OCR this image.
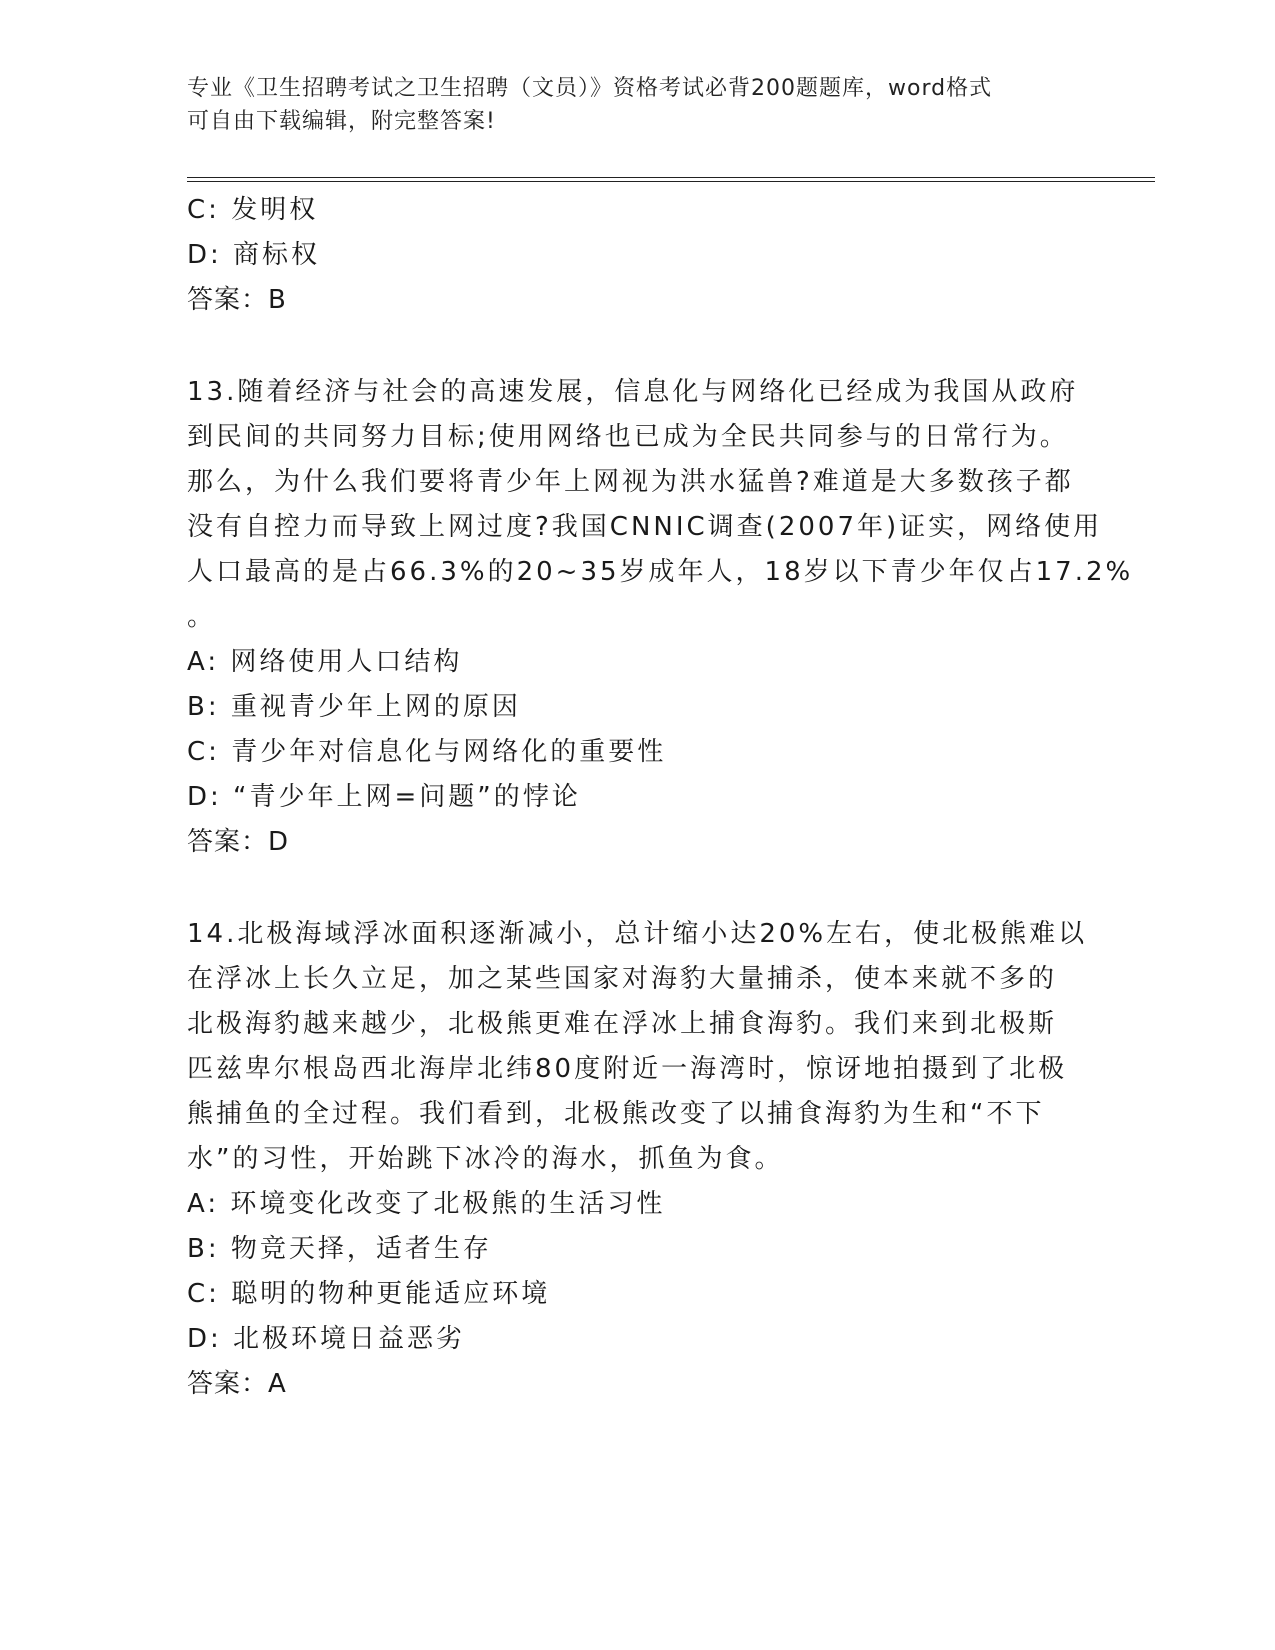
专业《卫生招聘考试之卫生招聘（文员）》资格考试必背200题题库，word格式
可自由下载编辑，附完整答案!
C: 发明权
D: 商标权
答案：B
13.随着经济与社会的高速发展，信息化与网络化已经成为我国从政府
到民间的共同努力目标;使用网络也已成为全民共同参与的日常行为。
那么，为什么我们要将青少年上网视为洪水猛兽?难道是大多数孩子都
没有自控力而导致上网过度?我国CNNIC调查(2007年)证实，网络使用
人口最高的是占66.3%的20~35岁成年人，18岁以下青少年仅占17.2%
。
A: 网络使用人口结构
B: 重视青少年上网的原因
C: 青少年对信息化与网络化的重要性
D: “青少年上网=问题”的悖论
答案：D
14.北极海域浮冰面积逐渐减小，总计缩小达20%左右，使北极熊难以
在浮冰上长久立足，加之某些国家对海豹大量捕杀，使本来就不多的
北极海豹越来越少，北极熊更难在浮冰上捕食海豹。我们来到北极斯
匹兹卑尔根岛西北海岸北纬80度附近一海湾时，惊讶地拍摄到了北极
熊捕鱼的全过程。我们看到，北极熊改变了以捕食海豹为生和“不下
水”的习性，开始跳下冰冷的海水，抓鱼为食。
A: 环境变化改变了北极熊的生活习性
B: 物竞天择，适者生存
C: 聪明的物种更能适应环境
D: 北极环境日益恶劣
答案：A
